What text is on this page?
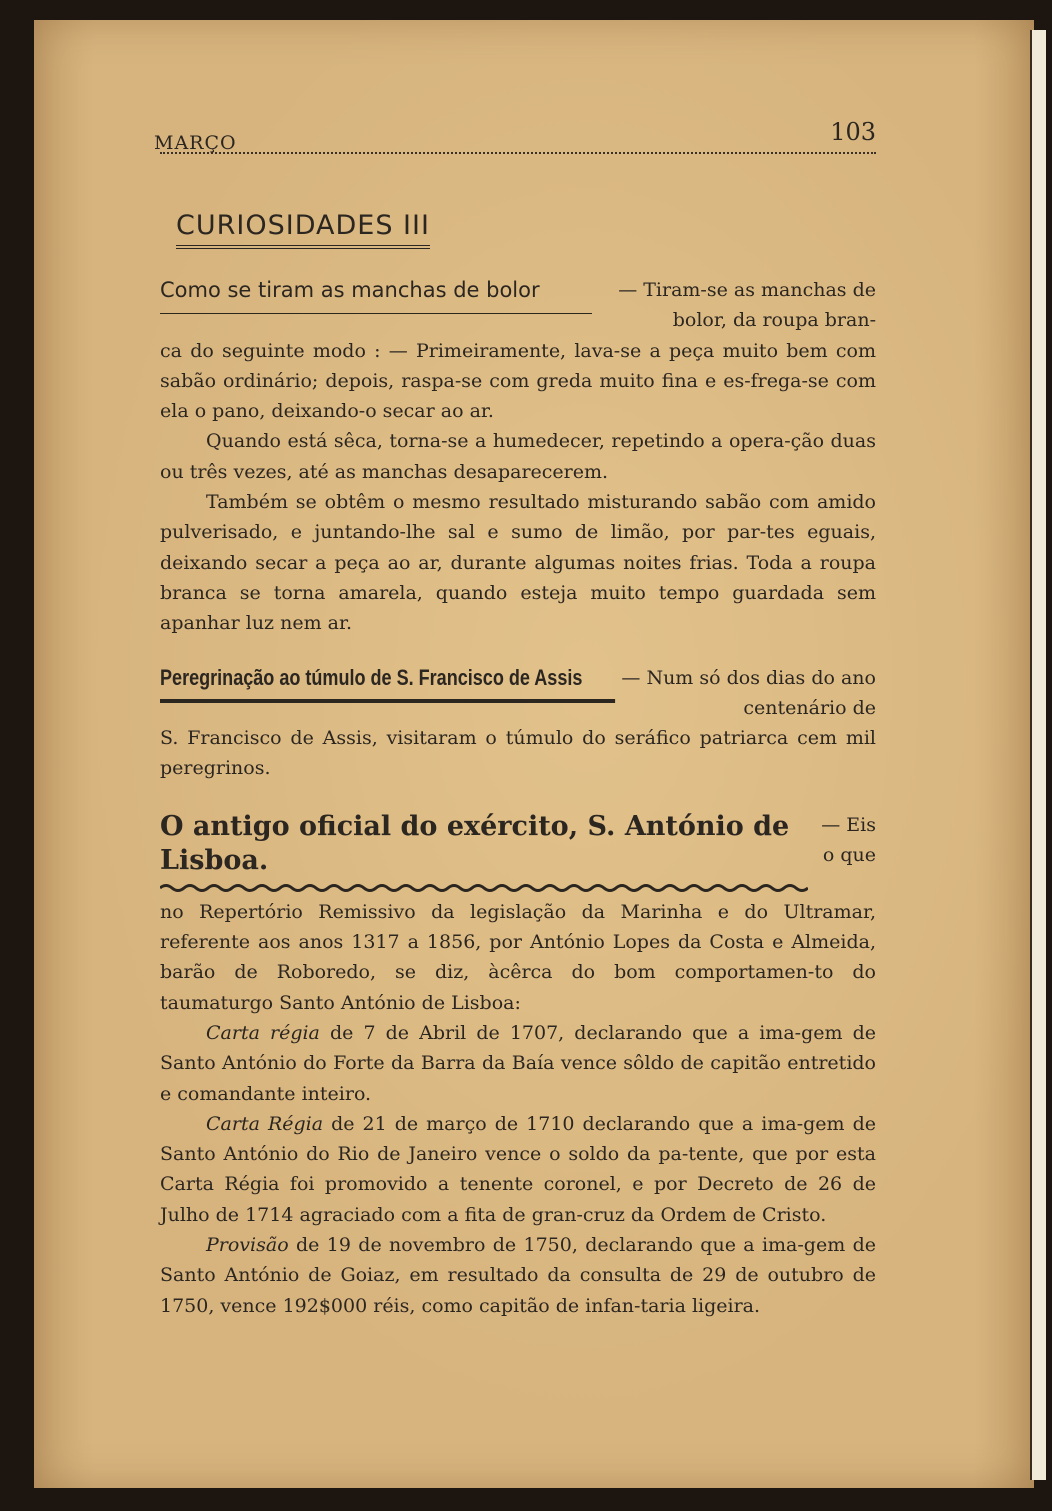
MARÇO	103
CURIOSIDADES III
Como se tiram as manchas de bolor	— Tiram-se as manchas de bolor, da roupa bran-

ca do seguinte modo : — Primeiramente, lava-se a peça muito bem com sabão ordinário; depois, raspa-se com greda muito fina e es-frega-se com ela o pano, deixando-o secar ao ar.

Quando está sêca, torna-se a humedecer, repetindo a opera-ção duas ou três vezes, até as manchas desaparecerem.

Também se obtêm o mesmo resultado misturando sabão com amido pulverisado, e juntando-lhe sal e sumo de limão, por par-tes eguais, deixando secar a peça ao ar, durante algumas noites frias. Toda a roupa branca se torna amarela, quando esteja muito tempo guardada sem apanhar luz nem ar.

Peregrinação ao túmulo de S. Francisco de Assis	— Num só dos dias do ano centenário de

S. Francisco de Assis, visitaram o túmulo do seráfico patriarca cem mil peregrinos.

O antigo oficial do exército, S. António de Lisboa.
— Eis o que

no Repertório Remissivo da legislação da Marinha e do Ultramar, referente aos anos 1317 a 1856, por António Lopes da Costa e Almeida, barão de Roboredo, se diz, àcêrca do bom comportamen-to do taumaturgo Santo António de Lisboa:

Carta régia de 7 de Abril de 1707, declarando que a ima-gem de Santo António do Forte da Barra da Baía vence sôldo de capitão entretido e comandante inteiro.

Carta Régia de 21 de março de 1710 declarando que a ima-gem de Santo António do Rio de Janeiro vence o soldo da pa-tente, que por esta Carta Régia foi promovido a tenente coronel, e por Decreto de 26 de Julho de 1714 agraciado com a fita de gran-cruz da Ordem de Cristo.

Provisão de 19 de novembro de 1750, declarando que a ima-gem de Santo António de Goiaz, em resultado da consulta de 29 de outubro de 1750, vence 192$000 réis, como capitão de infan-taria ligeira.
